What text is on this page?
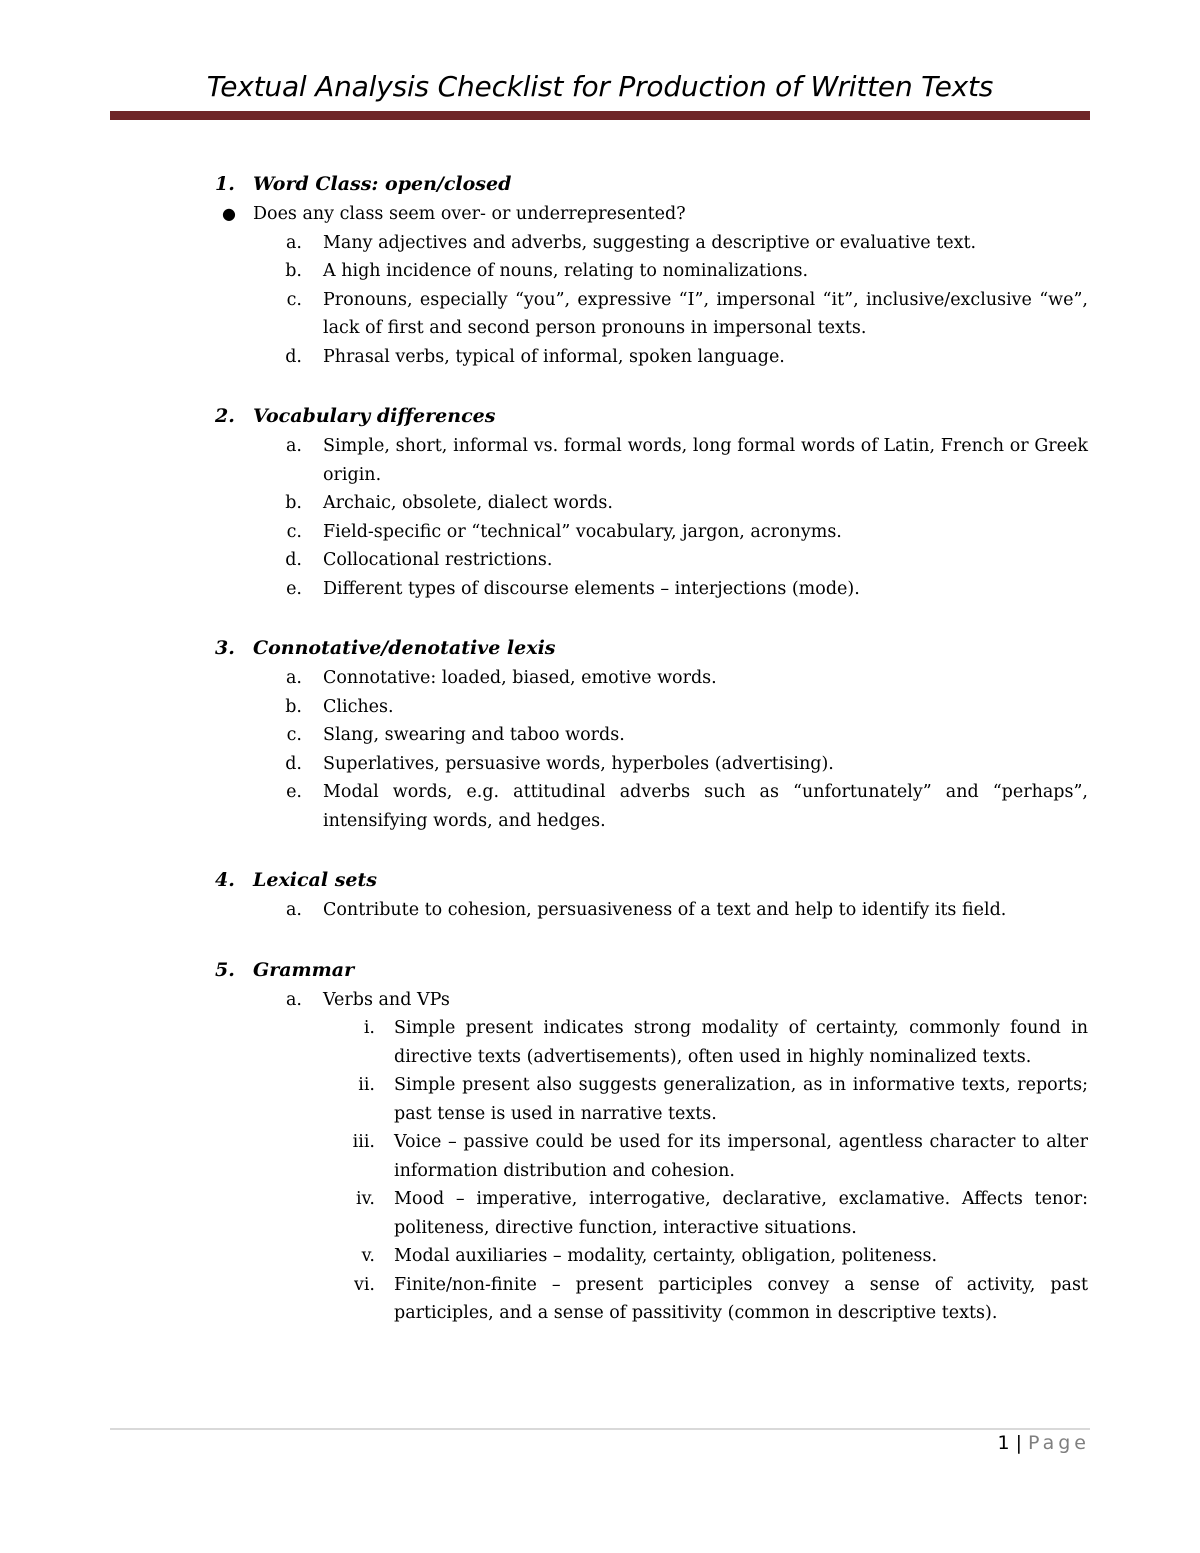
Textual Analysis Checklist for Production of Written Texts
1. Word Class: open/closed
● Does any class seem over- or underrepresented?
a. Many adjectives and adverbs, suggesting a descriptive or evaluative text.
b. A high incidence of nouns, relating to nominalizations.
c. Pronouns, especially “you”, expressive “I”, impersonal “it”, inclusive/exclusive “we”, lack of first and second person pronouns in impersonal texts.
d. Phrasal verbs, typical of informal, spoken language.
2. Vocabulary differences
a. Simple, short, informal vs. formal words, long formal words of Latin, French or Greek origin.
b. Archaic, obsolete, dialect words.
c. Field-specific or “technical” vocabulary, jargon, acronyms.
d. Collocational restrictions.
e. Different types of discourse elements – interjections (mode).
3. Connotative/denotative lexis
a. Connotative: loaded, biased, emotive words.
b. Cliches.
c. Slang, swearing and taboo words.
d. Superlatives, persuasive words, hyperboles (advertising).
e. Modal words, e.g. attitudinal adverbs such as “unfortunately” and “perhaps”, intensifying words, and hedges.
4. Lexical sets
a. Contribute to cohesion, persuasiveness of a text and help to identify its field.
5. Grammar
a. Verbs and VPs
i. Simple present indicates strong modality of certainty, commonly found in directive texts (advertisements), often used in highly nominalized texts.
ii. Simple present also suggests generalization, as in informative texts, reports; past tense is used in narrative texts.
iii. Voice – passive could be used for its impersonal, agentless character to alter information distribution and cohesion.
iv. Mood – imperative, interrogative, declarative, exclamative. Affects tenor: politeness, directive function, interactive situations.
v. Modal auxiliaries – modality, certainty, obligation, politeness.
vi. Finite/non-finite – present participles convey a sense of activity, past participles, and a sense of passitivity (common in descriptive texts).
1 | Page
